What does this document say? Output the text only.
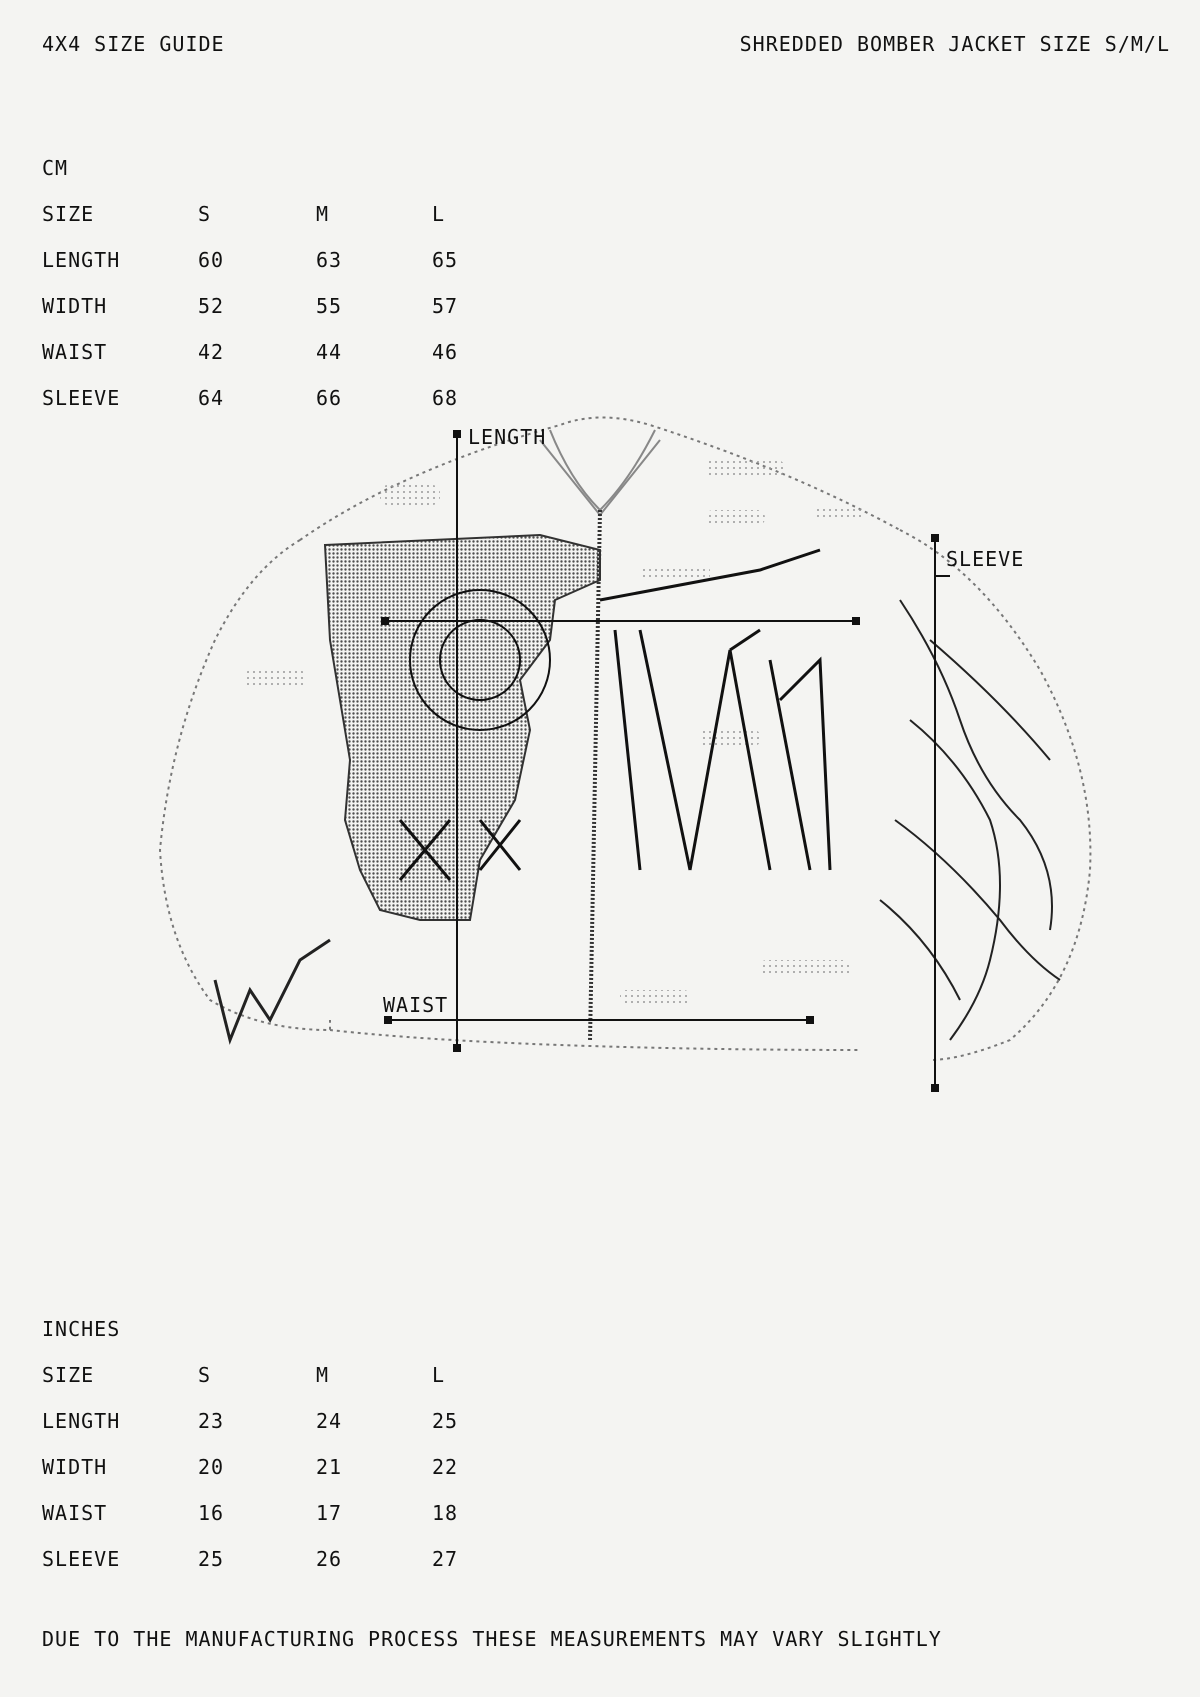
4X4 SIZE GUIDE	SHREDDED BOMBER JACKET SIZE S/M/L
CM
SIZE	S	M	L
LENGTH	60	63	65
WIDTH	52	55	57
WAIST	42	44	46
SLEEVE	64	66	68
LENGTH
WAIST
SLEEVE
INCHES
SIZE	S	M	L
LENGTH	23	24	25
WIDTH	20	21	22
WAIST	16	17	18
SLEEVE	25	26	27
DUE TO THE MANUFACTURING PROCESS THESE MEASUREMENTS MAY VARY SLIGHTLY
